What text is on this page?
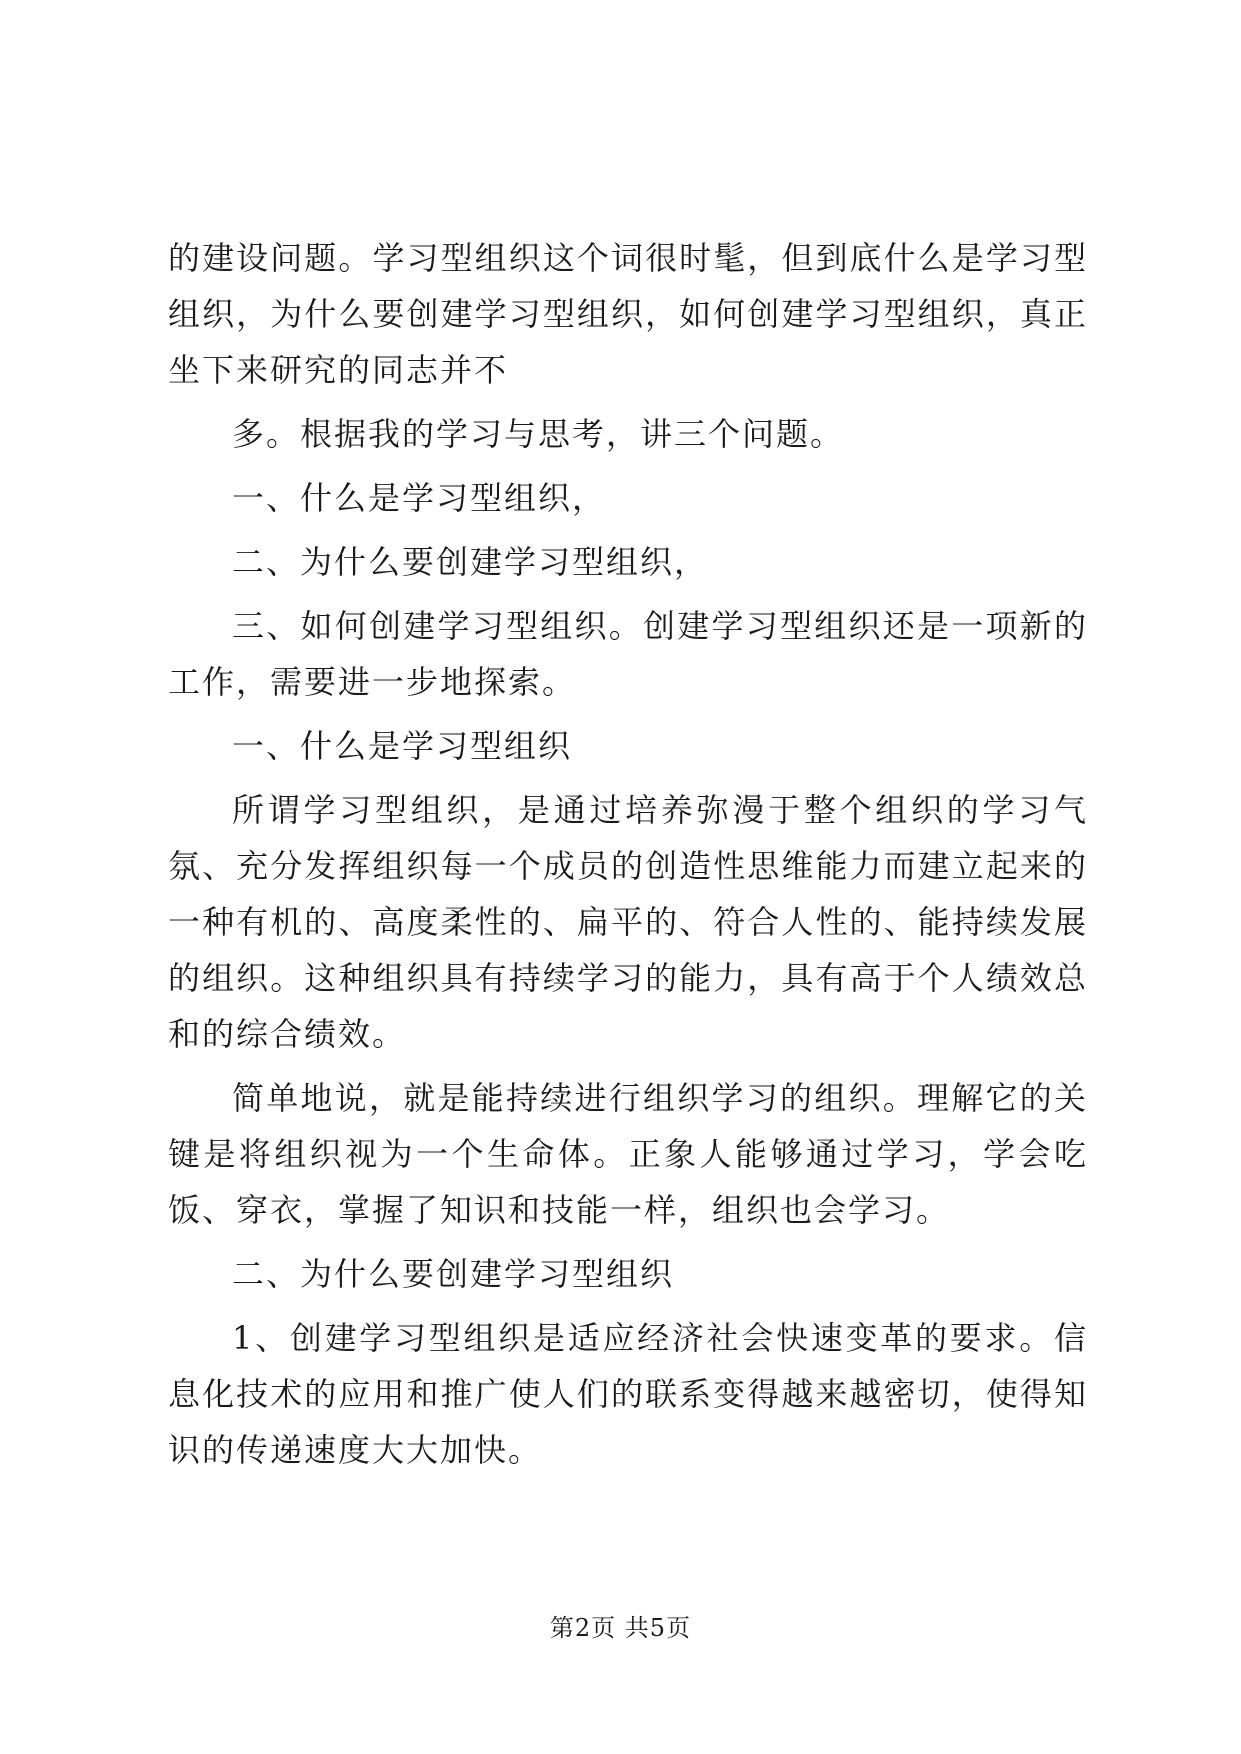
的建设问题。学习型组织这个词很时髦，但到底什么是学习型组织，为什么要创建学习型组织，如何创建学习型组织，真正坐下来研究的同志并不

多。根据我的学习与思考，讲三个问题。

一、什么是学习型组织，

二、为什么要创建学习型组织，

三、如何创建学习型组织。创建学习型组织还是一项新的工作，需要进一步地探索。

一、什么是学习型组织

所谓学习型组织，是通过培养弥漫于整个组织的学习气氛、充分发挥组织每一个成员的创造性思维能力而建立起来的一种有机的、高度柔性的、扁平的、符合人性的、能持续发展的组织。这种组织具有持续学习的能力，具有高于个人绩效总和的综合绩效。

简单地说，就是能持续进行组织学习的组织。理解它的关键是将组织视为一个生命体。正象人能够通过学习，学会吃饭、穿衣，掌握了知识和技能一样，组织也会学习。

二、为什么要创建学习型组织

1、创建学习型组织是适应经济社会快速变革的要求。信息化技术的应用和推广使人们的联系变得越来越密切，使得知识的传递速度大大加快。

第2页 共5页
